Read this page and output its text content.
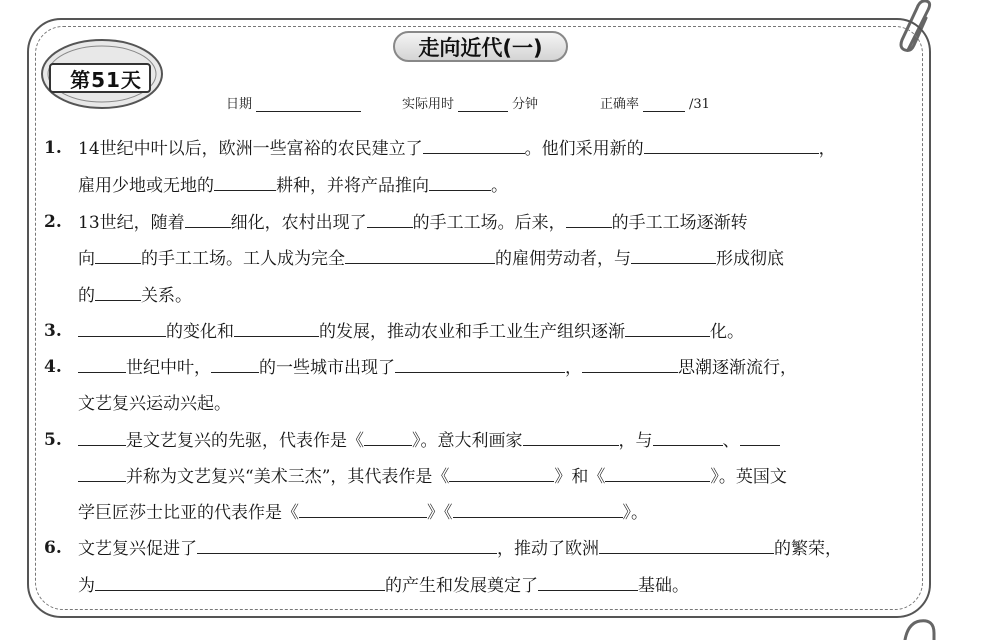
走向近代(一)
第51天
日期	实际用时	分钟	正确率	/31
1. 14世纪中叶以后，欧洲一些富裕的农民建立了	。他们采用新的	，
雇用少地或无地的	耕种，并将产品推向	。
2. 13世纪，随着	细化，农村出现了	的手工工场。后来，	的手工工场逐渐转
向	的手工工场。工人成为完全	的雇佣劳动者，与	形成彻底
的	关系。
3.	的变化和	的发展，推动农业和手工业生产组织逐渐	化。
4.	世纪中叶，	的一些城市出现了	，	思潮逐渐流行，
文艺复兴运动兴起。
5.	是文艺复兴的先驱，代表作是《	》。意大利画家	，与	、
并称为文艺复兴“美术三杰”，其代表作是《	》和《	》。英国文
学巨匠莎士比亚的代表作是《	》《	》。
6. 文艺复兴促进了	，推动了欧洲	的繁荣，
为	的产生和发展奠定了	基础。
